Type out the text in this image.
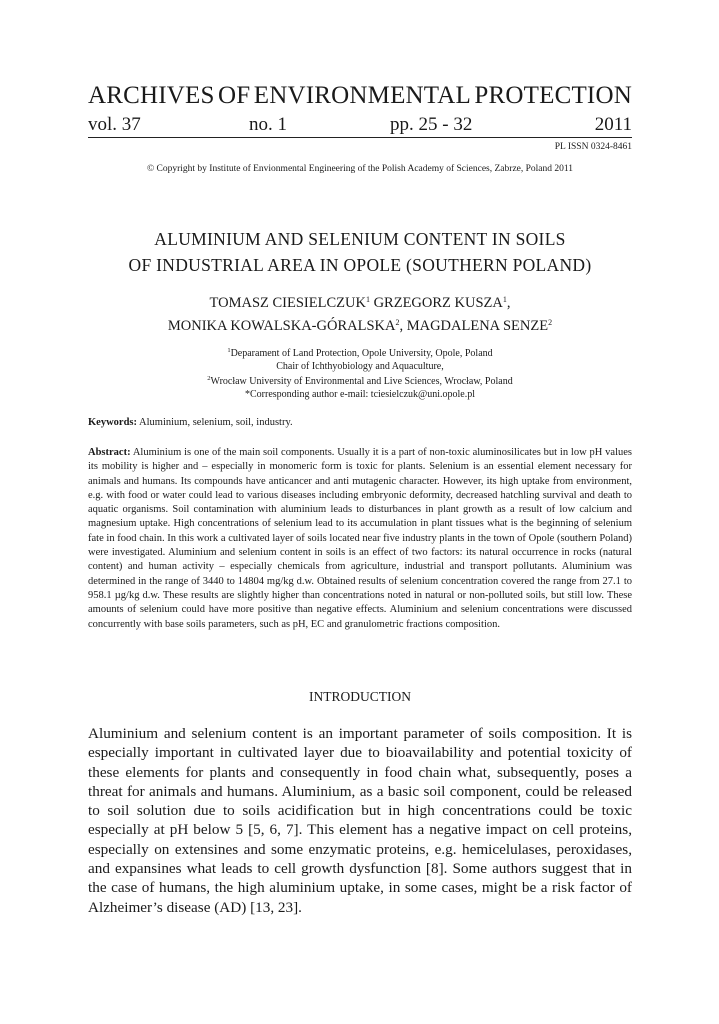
ARCHIVES OF ENVIRONMENTAL PROTECTION
vol. 37	no. 1	pp. 25 - 32	2011
PL ISSN 0324-8461
© Copyright by Institute of Envionmental Engineering of the Polish Academy of Sciences, Zabrze, Poland 2011
ALUMINIUM AND SELENIUM CONTENT IN SOILS
OF INDUSTRIAL AREA IN OPOLE (SOUTHERN POLAND)
TOMASZ CIESIELCZUK$^1$ GRZEGORZ KUSZA$^1$,
MONIKA KOWALSKA-GÓRALSKA$^2$, MAGDALENA SENZE$^2$
$^1$Deparament of Land Protection, Opole University, Opole, Poland
Chair of Ichthyobiology and Aquaculture,
$^2$Wrocław University of Environmental and Live Sciences, Wrocław, Poland
*Corresponding author e-mail: tciesielczuk@uni.opole.pl
Keywords: Aluminium, selenium, soil, industry.
Abstract: Aluminium is one of the main soil components. Usually it is a part of non-toxic aluminosilicates but in low pH values its mobility is higher and – especially in monomeric form is toxic for plants. Selenium is an essential element necessary for animals and humans. Its compounds have anticancer and anti mutagenic character. However, its high uptake from environment, e.g. with food or water could lead to various diseases including embryonic deformity, decreased hatchling survival and death to aquatic organisms. Soil contamination with aluminium leads to disturbances in plant growth as a result of low calcium and magnesium uptake. High concentrations of selenium lead to its accumulation in plant tissues what is the beginning of selenium fate in food chain. In this work a cultivated layer of soils located near five industry plants in the town of Opole (southern Poland) were investigated. Aluminium and selenium content in soils is an effect of two factors: its natural occurrence in rocks (natural content) and human activity – especially chemicals from agriculture, industrial and transport pollutants. Aluminium was determined in the range of 3440 to 14804 mg/kg d.w. Obtained results of selenium concentration covered the range from 27.1 to 958.1 µg/kg d.w. These results are slightly higher than concentrations noted in natural or non-polluted soils, but still low. These amounts of selenium could have more positive than negative effects. Aluminium and selenium concentrations were discussed concurrently with base soils parameters, such as pH, EC and granulometric fractions composition.
INTRODUCTION
Aluminium and selenium content is an important parameter of soils composition. It is especially important in cultivated layer due to bioavailability and potential toxicity of these elements for plants and consequently in food chain what, subsequently, poses a threat for animals and humans. Aluminium, as a basic soil component, could be released to soil solution due to soils acidification but in high concentrations could be toxic especially at pH below 5 [5, 6, 7]. This element has a negative impact on cell proteins, especially on extensines and some enzymatic proteins, e.g. hemicelulases, peroxidases, and expansines what leads to cell growth dysfunction [8]. Some authors suggest that in the case of humans, the high aluminium uptake, in some cases, might be a risk factor of Alzheimer’s disease (AD) [13, 23].
